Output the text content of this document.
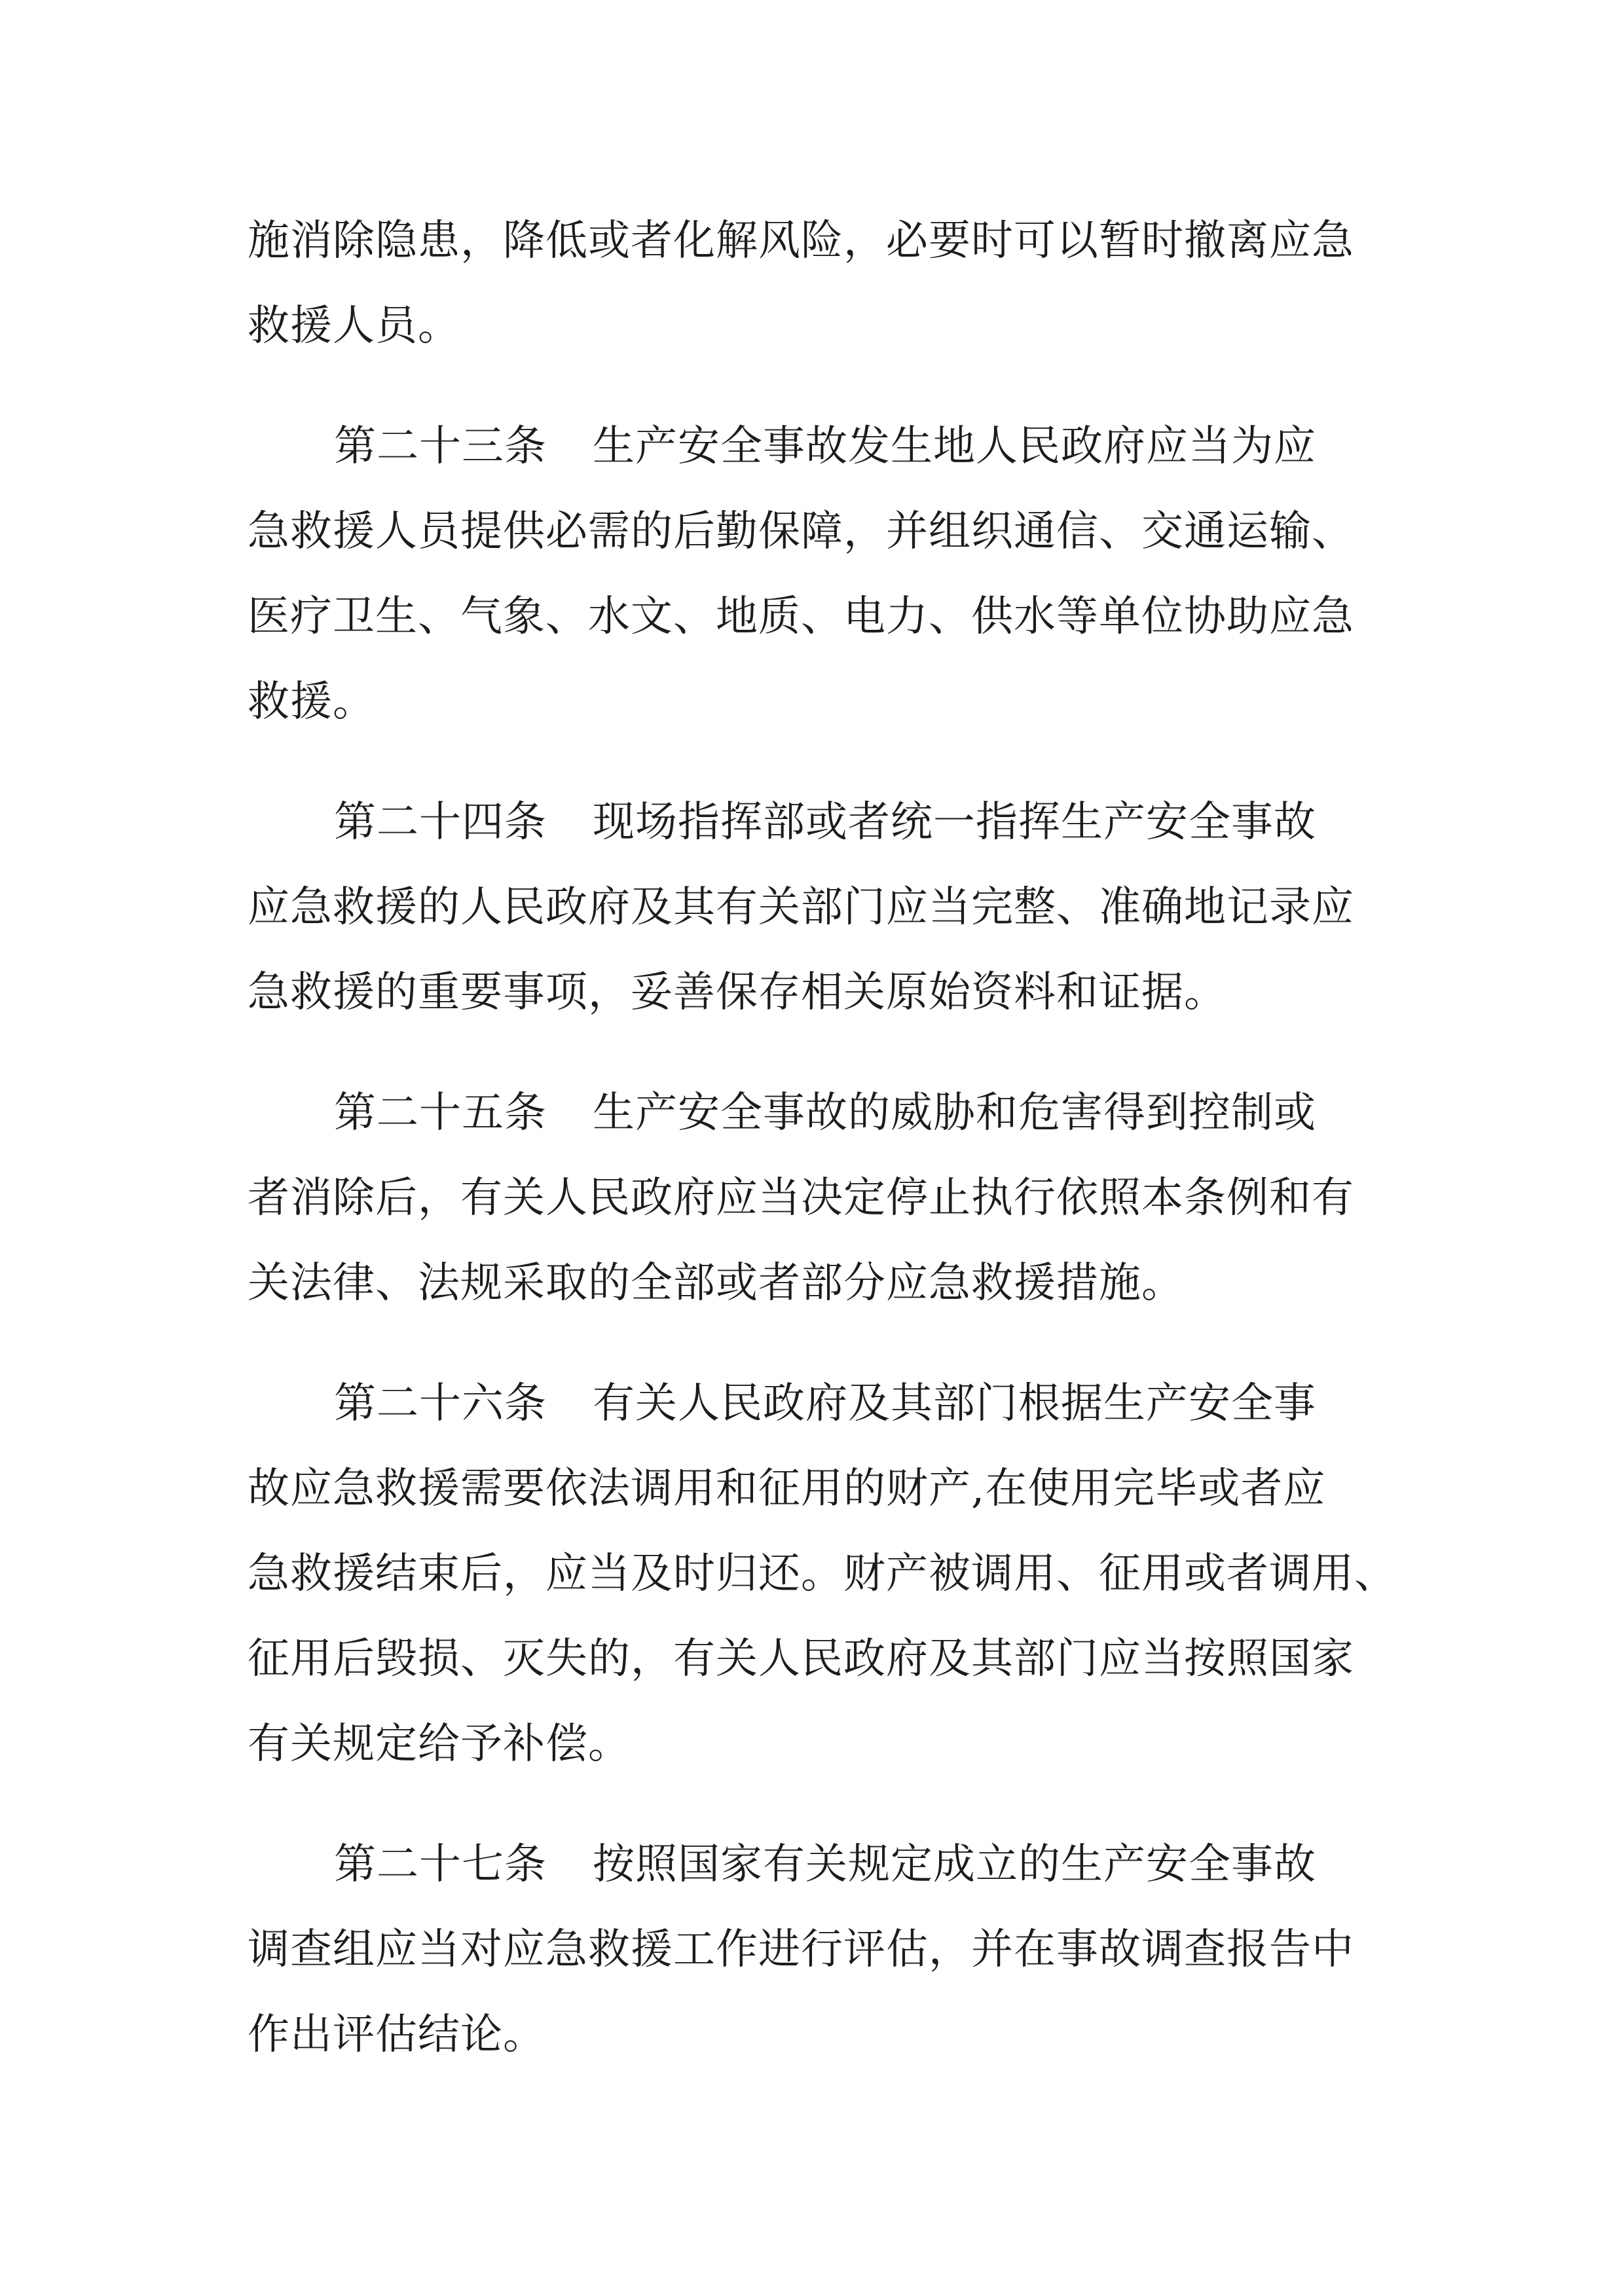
施消除隐患，降低或者化解风险，必要时可以暂时撤离应急
救援人员。
第二十三条 生产安全事故发生地人民政府应当为应
急救援人员提供必需的后勤保障，并组织通信、交通运输、
医疗卫生、气象、水文、地质、电力、供水等单位协助应急
救援。
第二十四条 现场指挥部或者统一指挥生产安全事故
应急救援的人民政府及其有关部门应当完整、准确地记录应
急救援的重要事项，妥善保存相关原始资料和证据。
第二十五条 生产安全事故的威胁和危害得到控制或
者消除后，有关人民政府应当决定停止执行依照本条例和有
关法律、法规采取的全部或者部分应急救援措施。
第二十六条 有关人民政府及其部门根据生产安全事
故应急救援需要依法调用和征用的财产,在使用完毕或者应
急救援结束后，应当及时归还。财产被调用、征用或者调用、
征用后毁损、灭失的，有关人民政府及其部门应当按照国家
有关规定给予补偿。
第二十七条 按照国家有关规定成立的生产安全事故
调查组应当对应急救援工作进行评估，并在事故调查报告中
作出评估结论。
